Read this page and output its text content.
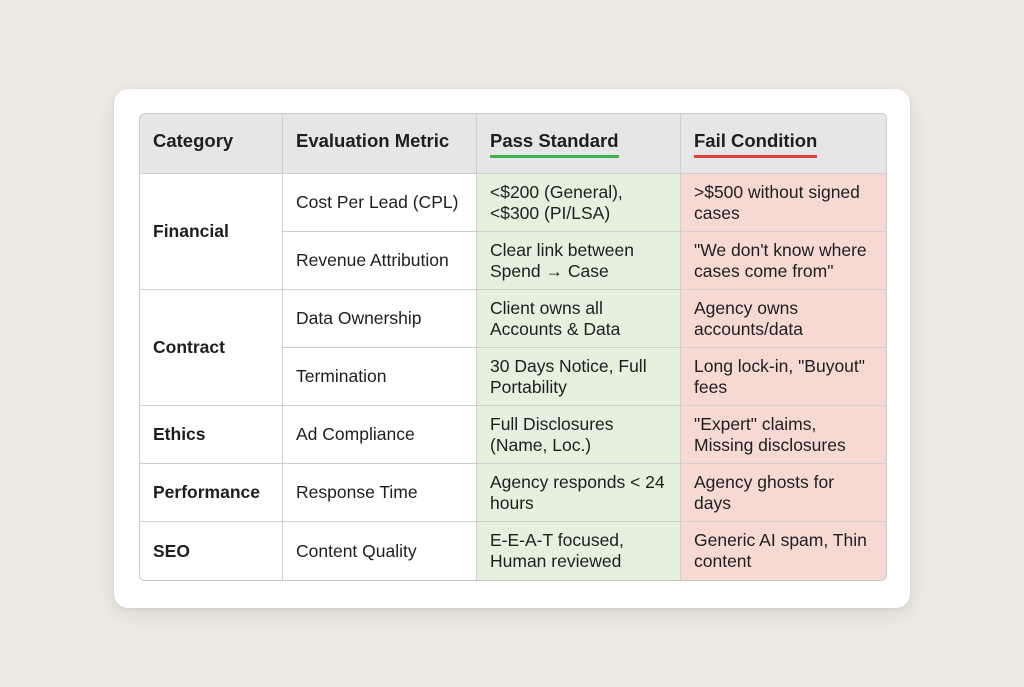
Category	Evaluation Metric	Pass Standard	Fail Condition
Financial	Cost Per Lead (CPL)	<$200 (General), <$300 (PI/LSA)	>$500 without signed cases
	Revenue Attribution	Clear link between Spend → Case	"We don't know where cases come from"
Contract	Data Ownership	Client owns all Accounts & Data	Agency owns accounts/data
	Termination	30 Days Notice, Full Portability	Long lock-in, "Buyout" fees
Ethics	Ad Compliance	Full Disclosures (Name, Loc.)	"Expert" claims, Missing disclosures
Performance	Response Time	Agency responds < 24 hours	Agency ghosts for days
SEO	Content Quality	E-E-A-T focused, Human reviewed	Generic AI spam, Thin content
